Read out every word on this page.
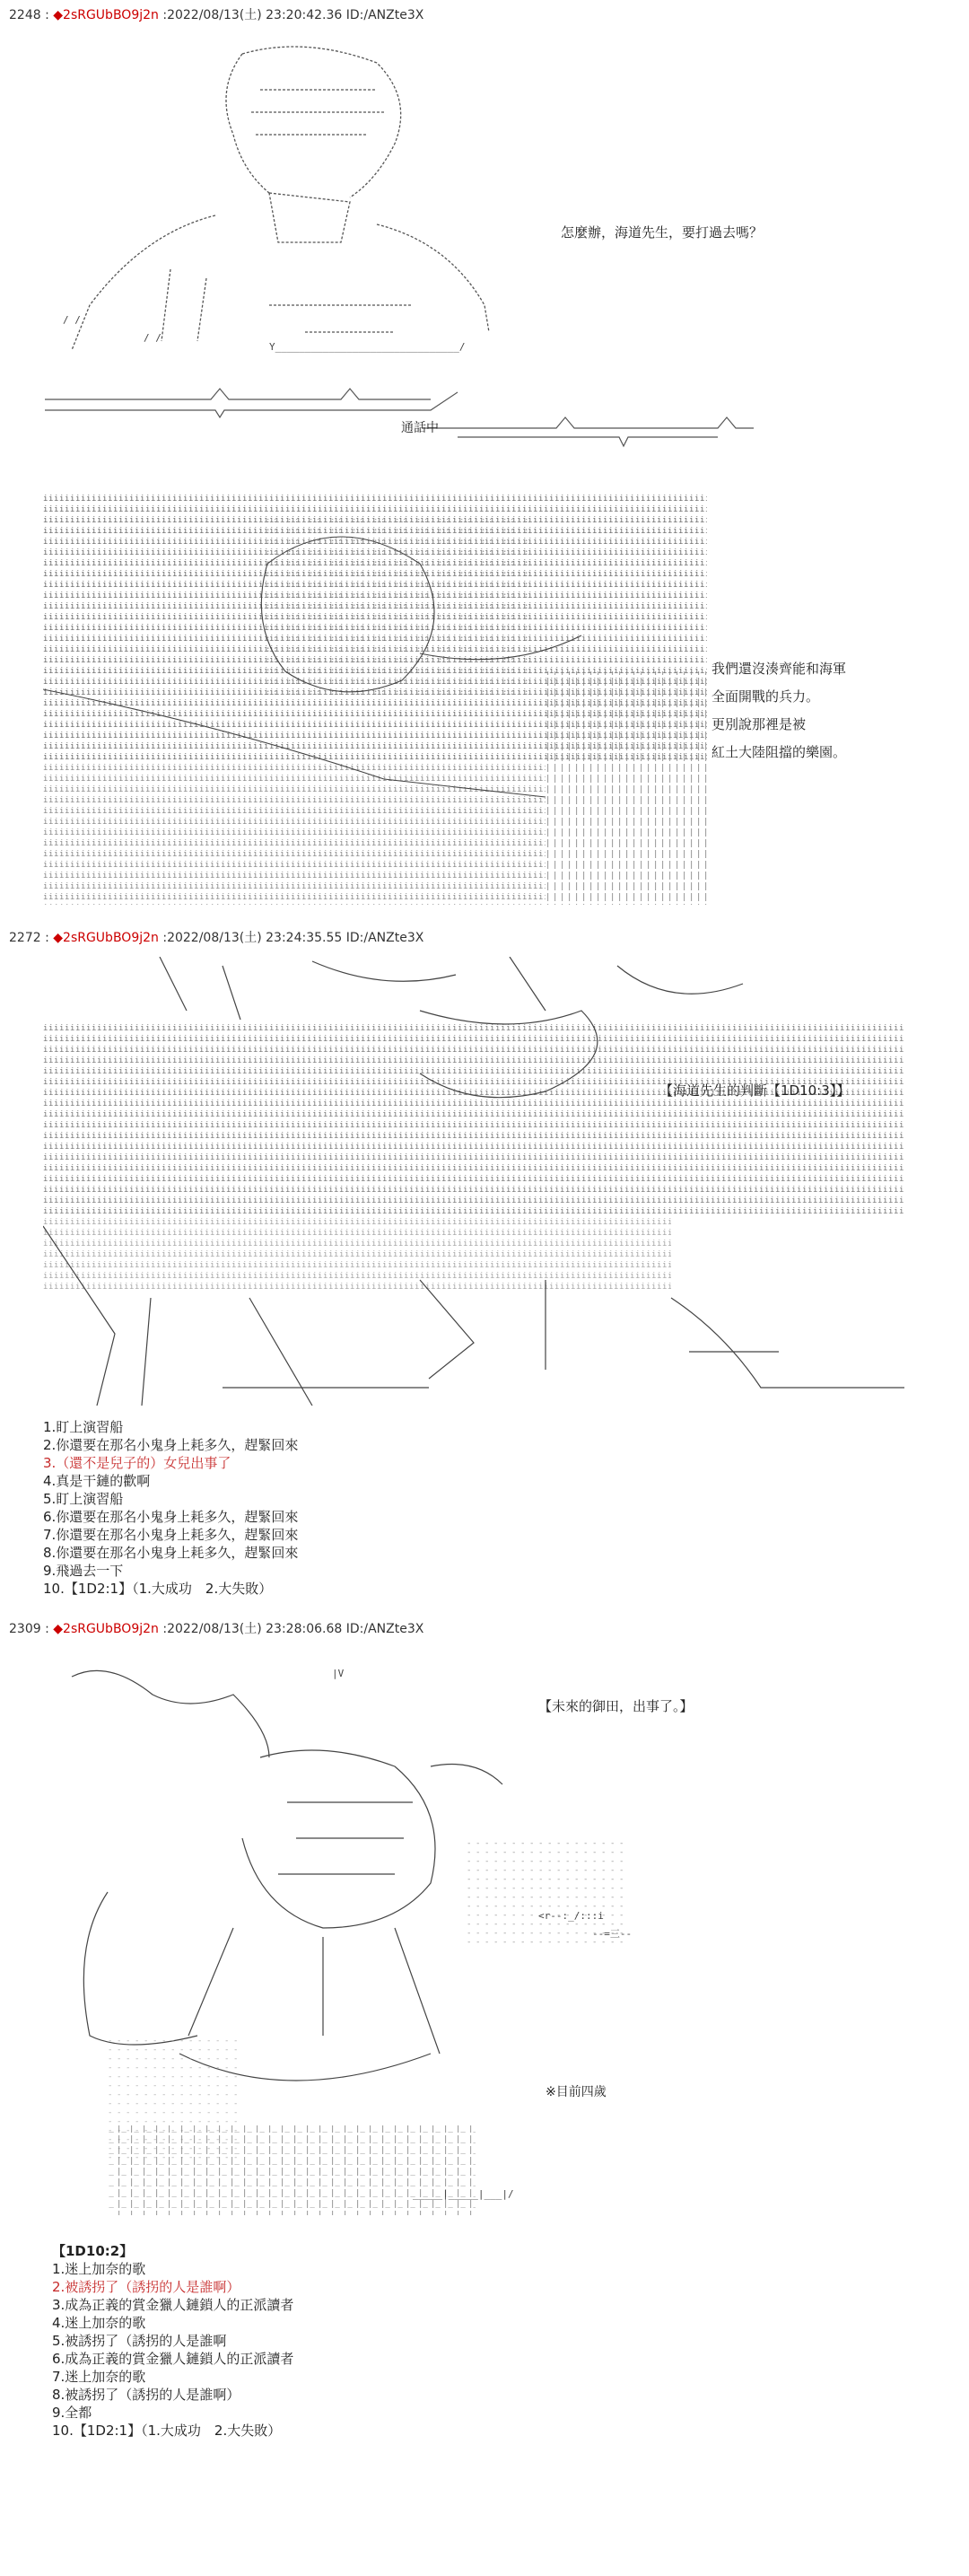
2248 : ◆2sRGUbBO9j2n :2022/08/13(土) 23:20:42.36 ID:/ANZte3X
/ /
/ /
Y_______________________________/
怎麼辦，海道先生，要打過去嗎？
通話中
我們還沒湊齊能和海軍
全面開戰的兵力。
更別說那裡是被
紅土大陸阻擋的樂園。
2272 : ◆2sRGUbBO9j2n :2022/08/13(土) 23:24:35.55 ID:/ANZte3X
【海道先生的判斷【1D10:3】】
1.盯上演習船
2.你還要在那名小鬼身上耗多久，趕緊回來
3.（還不是兒子的）女兒出事了
4.真是干鏈的歡啊
5.盯上演習船
6.你還要在那名小鬼身上耗多久，趕緊回來
7.你還要在那名小鬼身上耗多久，趕緊回來
8.你還要在那名小鬼身上耗多久，趕緊回來
9.飛過去一下
10.【1D2:1】（1.大成功　2.大失敗）
2309 : ◆2sRGUbBO9j2n :2022/08/13(土) 23:28:06.68 ID:/ANZte3X
|V
<r--:_/:::i
--=三--
_____|_____|___|/
【未來的御田，出事了。】
※目前四歲
【1D10:2】
1.迷上加奈的歌
2.被誘拐了（誘拐的人是誰啊）
3.成為正義的賞金獵人鏈鎖人的正派讀者
4.迷上加奈的歌
5.被誘拐了（誘拐的人是誰啊
6.成為正義的賞金獵人鏈鎖人的正派讀者
7.迷上加奈的歌
8.被誘拐了（誘拐的人是誰啊）
9.全都
10.【1D2:1】（1.大成功　2.大失敗）
